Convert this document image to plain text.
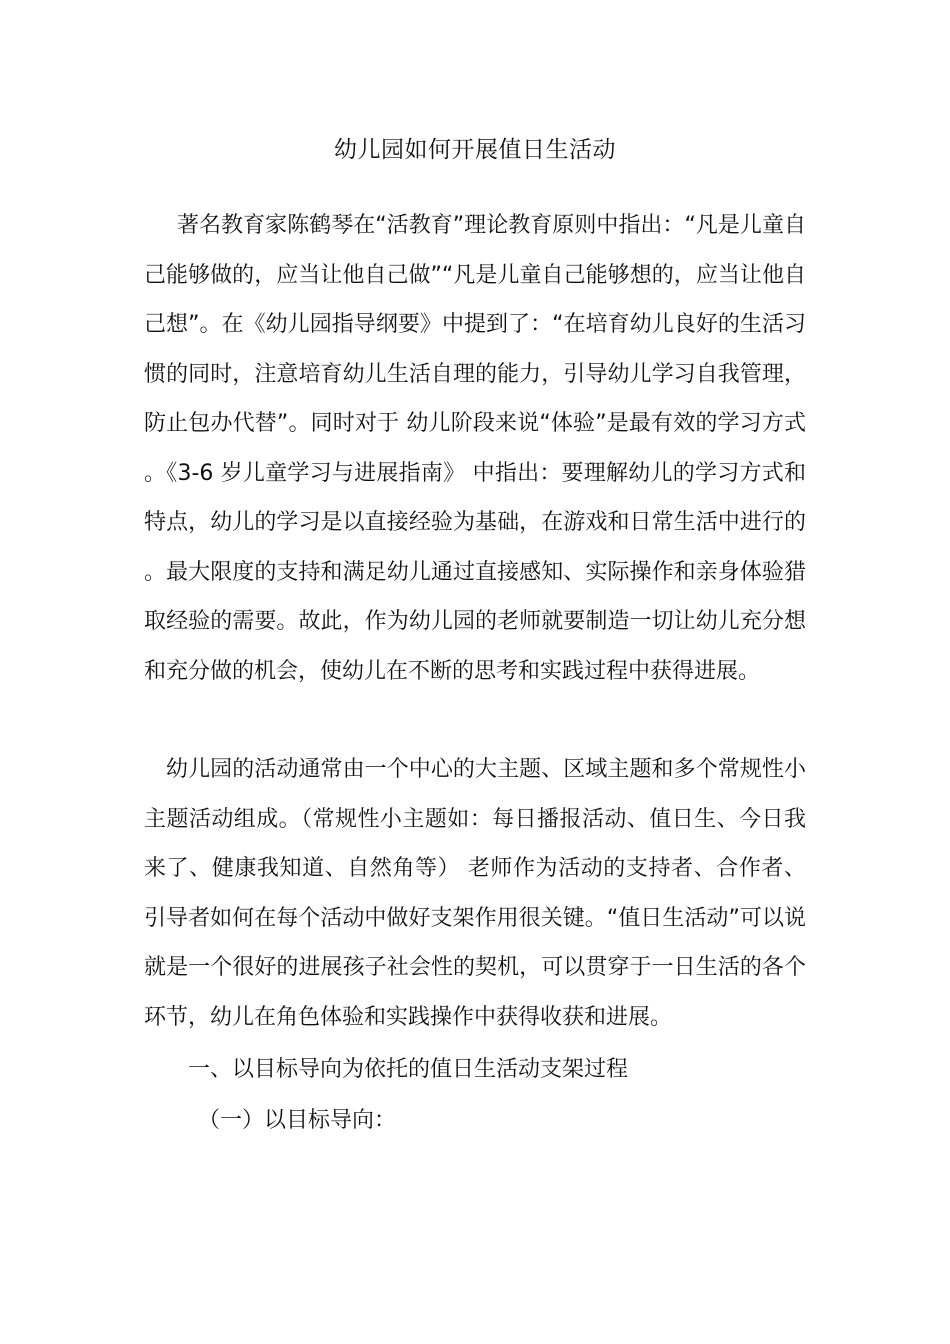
幼儿园如何开展值日生活动

著名教育家陈鹤琴在“活教育”理论教育原则中指出：“凡是儿童自己能够做的，应当让他自己做”“凡是儿童自己能够想的，应当让他自己想”。在《幼儿园指导纲要》中提到了：“在培育幼儿良好的生活习惯的同时，注意培育幼儿生活自理的能力，引导幼儿学习自我管理，防止包办代替”。同时对于 幼儿阶段来说“体验”是最有效的学习方式。《3-6 岁儿童学习与进展指南》 中指出：要理解幼儿的学习方式和特点，幼儿的学习是以直接经验为基础，在游戏和日常生活中进行的。最大限度的支持和满足幼儿通过直接感知、实际操作和亲身体验猎取经验的需要。故此，作为幼儿园的老师就要制造一切让幼儿充分想和充分做的机会，使幼儿在不断的思考和实践过程中获得进展。

幼儿园的活动通常由一个中心的大主题、区域主题和多个常规性小主题活动组成。（常规性小主题如：每日播报活动、值日生、今日我来了、健康我知道、自然角等） 老师作为活动的支持者、合作者、引导者如何在每个活动中做好支架作用很关键。“值日生活动”可以说就是一个很好的进展孩子社会性的契机，可以贯穿于一日生活的各个环节，幼儿在角色体验和实践操作中获得收获和进展。

一、以目标导向为依托的值日生活动支架过程
（一）以目标导向：
